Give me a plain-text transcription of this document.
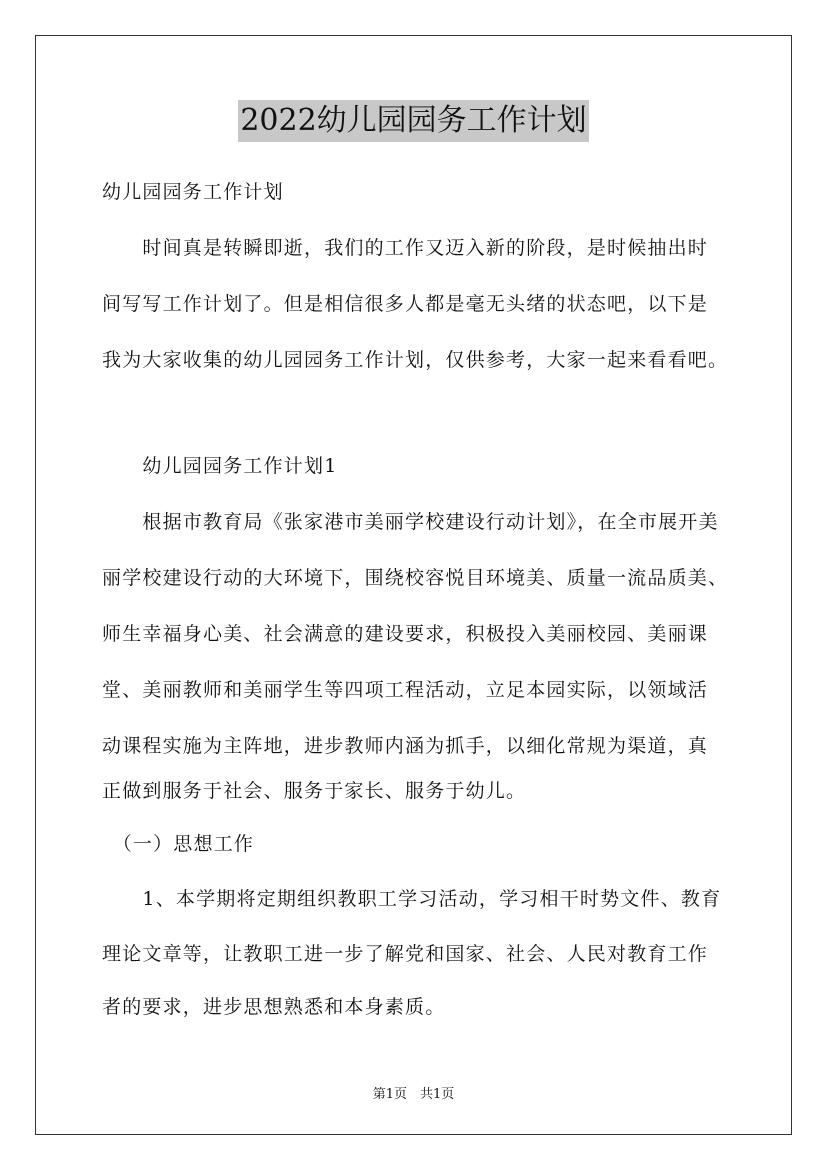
2022幼儿园园务工作计划
幼儿园园务工作计划
　　时间真是转瞬即逝，我们的工作又迈入新的阶段，是时候抽出时
间写写工作计划了。但是相信很多人都是毫无头绪的状态吧，以下是
我为大家收集的幼儿园园务工作计划，仅供参考，大家一起来看看吧。
　　幼儿园园务工作计划1
　　根据市教育局《张家港市美丽学校建设行动计划》，在全市展开美
丽学校建设行动的大环境下，围绕校容悦目环境美、质量一流品质美、
师生幸福身心美、社会满意的建设要求，积极投入美丽校园、美丽课
堂、美丽教师和美丽学生等四项工程活动，立足本园实际，以领域活
动课程实施为主阵地，进步教师内涵为抓手，以细化常规为渠道，真
正做到服务于社会、服务于家长、服务于幼儿。
　（一）思想工作
　　1、本学期将定期组织教职工学习活动，学习相干时势文件、教育
理论文章等，让教职工进一步了解党和国家、社会、人民对教育工作
者的要求，进步思想熟悉和本身素质。
第1页　共1页
